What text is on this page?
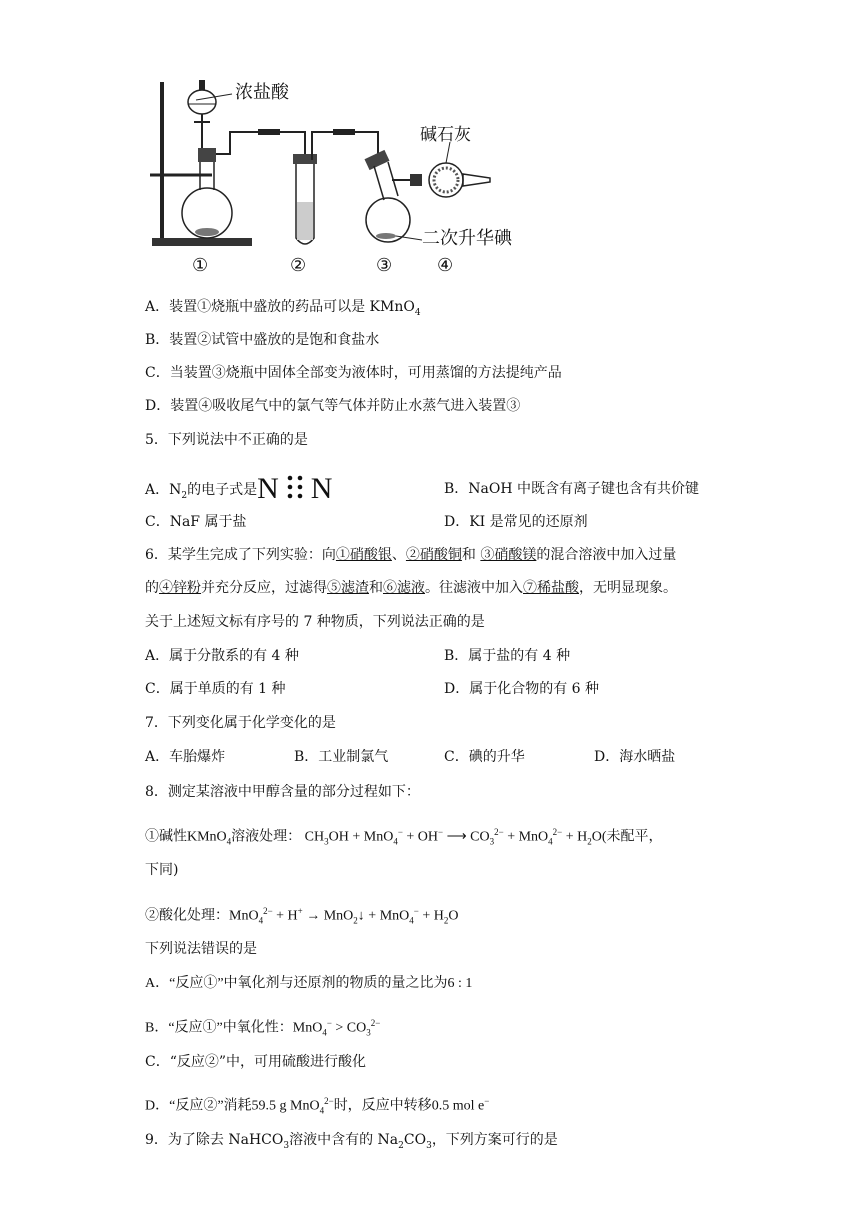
浓盐酸
碱石灰
二次升华碘
①	②	③ ④
A．装置①烧瓶中盛放的药品可以是 KMnO$_4$
B．装置②试管中盛放的是饱和食盐水
C．当装置③烧瓶中固体全部变为液体时，可用蒸馏的方法提纯产品
D．装置④吸收尾气中的氯气等气体并防止水蒸气进入装置③
5．下列说法中不正确的是
A．$N_2$的电子式是N N	B．NaOH 中既含有离子键也含有共价键
C．NaF 属于盐	D．KI 是常见的还原剂
6．某学生完成了下列实验：向①硝酸银、②硝酸铜和 ③硝酸镁的混合溶液中加入过量
的④锌粉并充分反应，过滤得⑤滤渣和⑥滤液。往滤液中加入⑦稀盐酸，无明显现象。
关于上述短文标有序号的 7 种物质，下列说法正确的是
A．属于分散系的有 4 种	B．属于盐的有 4 种
C．属于单质的有 1 种	D．属于化合物的有 6 种
7．下列变化属于化学变化的是
A．车胎爆炸	B．工业制氯气	C．碘的升华	D．海水晒盐
8．测定某溶液中甲醇含量的部分过程如下：
①碱性KMnO$_4$溶液处理： $CH_3OH + MnO_4^- + OH^-$ ⟶ $CO_3^{2-} + MnO_4^{2-} + H_2O$(未配平，
下同)
②酸化处理：MnO$_4^{2-}$ + H+ → MnO$_2$↓ + $MnO_4^- + H_2O$
下列说法错误的是
A．“反应①”中氧化剂与还原剂的物质的量之比为6 : 1
B．“反应①”中氧化性：$MnO_4^- > CO_3^{2-}$
C．“反应②”中，可用硫酸进行酸化
D．“反应②”消耗59.5 g MnO$_4^{2-}$时，反应中转移0.5 mol e−
9．为了除去 NaHCO$_3$溶液中含有的 $Na_2CO_3$，下列方案可行的是
